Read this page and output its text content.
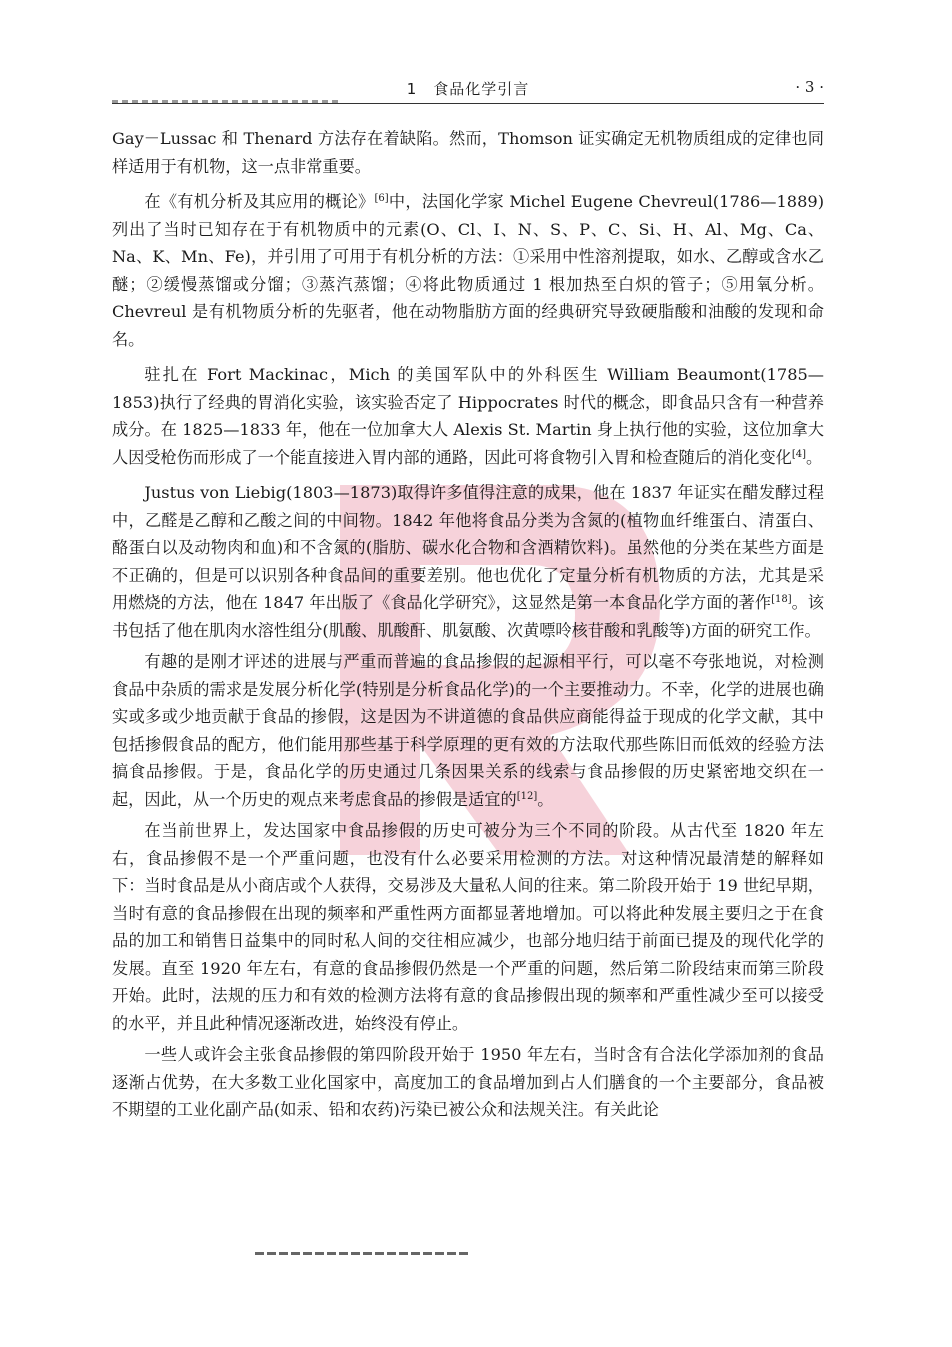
1　食品化学引言	· 3 ·

Gay－Lussac 和 Thenard 方法存在着缺陷。然而，Thomson 证实确定无机物质组成的定律也同样适用于有机物，这一点非常重要。

在《有机分析及其应用的概论》[6]中，法国化学家 Michel Eugene Chevreul(1786—1889)列出了当时已知存在于有机物质中的元素(O、Cl、I、N、S、P、C、Si、H、Al、Mg、Ca、Na、K、Mn、Fe)，并引用了可用于有机分析的方法：①采用中性溶剂提取，如水、乙醇或含水乙醚；②缓慢蒸馏或分馏；③蒸汽蒸馏；④将此物质通过 1 根加热至白炽的管子；⑤用氧分析。Chevreul 是有机物质分析的先驱者，他在动物脂肪方面的经典研究导致硬脂酸和油酸的发现和命名。

驻扎在 Fort Mackinac，Mich 的美国军队中的外科医生 William Beaumont(1785—1853)执行了经典的胃消化实验，该实验否定了 Hippocrates 时代的概念，即食品只含有一种营养成分。在 1825—1833 年，他在一位加拿大人 Alexis St. Martin 身上执行他的实验，这位加拿大人因受枪伤而形成了一个能直接进入胃内部的通路，因此可将食物引入胃和检查随后的消化变化[4]。

Justus von Liebig(1803—1873)取得许多值得注意的成果，他在 1837 年证实在醋发酵过程中，乙醛是乙醇和乙酸之间的中间物。1842 年他将食品分类为含氮的(植物血纤维蛋白、清蛋白、酪蛋白以及动物肉和血)和不含氮的(脂肪、碳水化合物和含酒精饮料)。虽然他的分类在某些方面是不正确的，但是可以识别各种食品间的重要差别。他也优化了定量分析有机物质的方法，尤其是采用燃烧的方法，他在 1847 年出版了《食品化学研究》，这显然是第一本食品化学方面的著作[18]。该书包括了他在肌肉水溶性组分(肌酸、肌酸酐、肌氨酸、次黄嘌呤核苷酸和乳酸等)方面的研究工作。

有趣的是刚才评述的进展与严重而普遍的食品掺假的起源相平行，可以毫不夸张地说，对检测食品中杂质的需求是发展分析化学(特别是分析食品化学)的一个主要推动力。不幸，化学的进展也确实或多或少地贡献于食品的掺假，这是因为不讲道德的食品供应商能得益于现成的化学文献，其中包括掺假食品的配方，他们能用那些基于科学原理的更有效的方法取代那些陈旧而低效的经验方法搞食品掺假。于是，食品化学的历史通过几条因果关系的线索与食品掺假的历史紧密地交织在一起，因此，从一个历史的观点来考虑食品的掺假是适宜的[12]。

在当前世界上，发达国家中食品掺假的历史可被分为三个不同的阶段。从古代至 1820 年左右，食品掺假不是一个严重问题，也没有什么必要采用检测的方法。对这种情况最清楚的解释如下：当时食品是从小商店或个人获得，交易涉及大量私人间的往来。第二阶段开始于 19 世纪早期，当时有意的食品掺假在出现的频率和严重性两方面都显著地增加。可以将此种发展主要归之于在食品的加工和销售日益集中的同时私人间的交往相应减少，也部分地归结于前面已提及的现代化学的发展。直至 1920 年左右，有意的食品掺假仍然是一个严重的问题，然后第二阶段结束而第三阶段开始。此时，法规的压力和有效的检测方法将有意的食品掺假出现的频率和严重性减少至可以接受的水平，并且此种情况逐渐改进，始终没有停止。

一些人或许会主张食品掺假的第四阶段开始于 1950 年左右，当时含有合法化学添加剂的食品逐渐占优势，在大多数工业化国家中，高度加工的食品增加到占人们膳食的一个主要部分，食品被不期望的工业化副产品(如汞、铅和农药)污染已被公众和法规关注。有关此论
